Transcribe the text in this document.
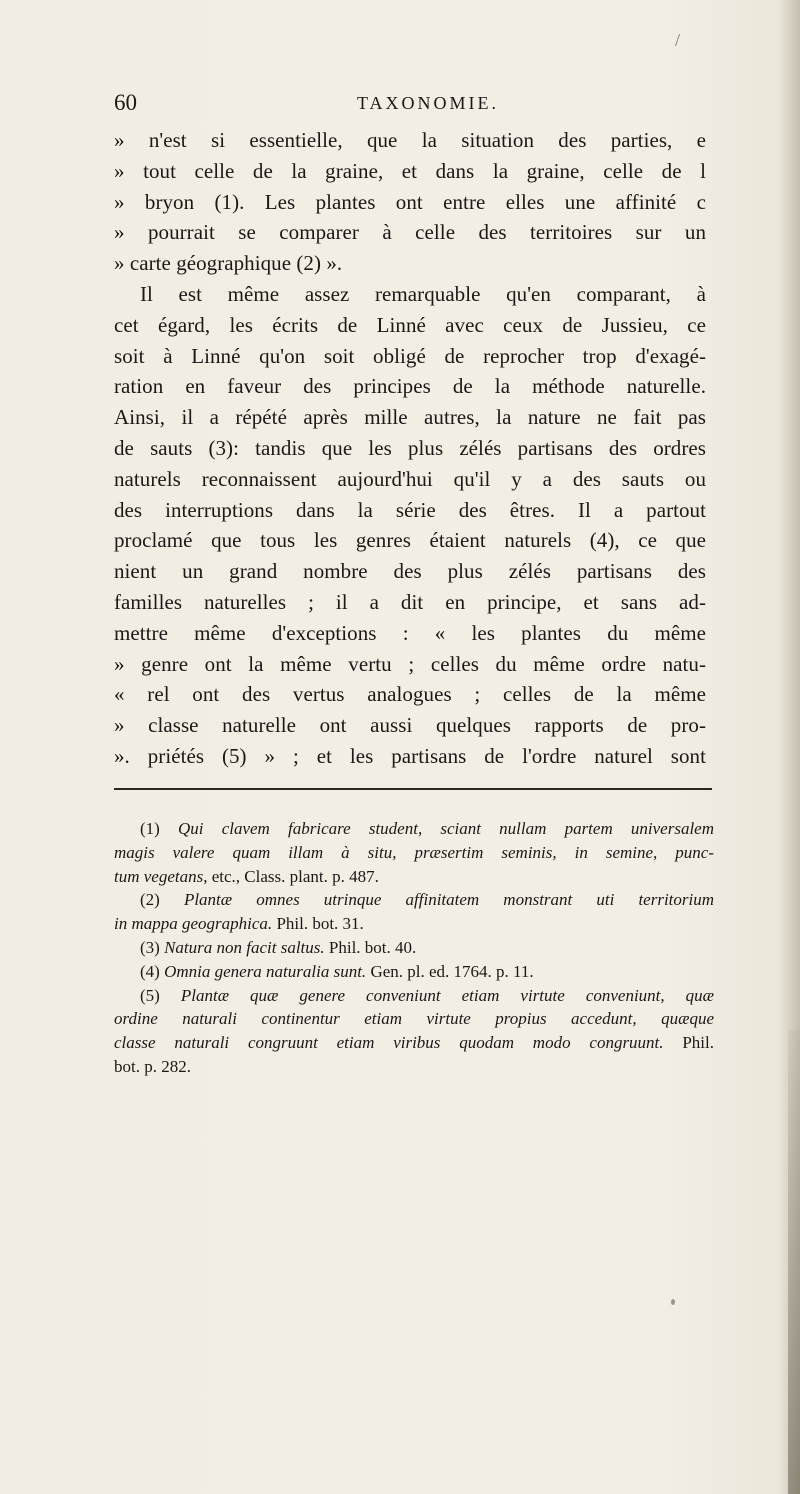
/
60	TAXONOMIE.
» n'est si essentielle, que la situation des parties, e
» tout celle de la graine, et dans la graine, celle de l
» bryon (1). Les plantes ont entre elles une affinité c
» pourrait se comparer à celle des territoires sur un
» carte géographique (2) ».
Il est même assez remarquable qu'en comparant, à
cet égard, les écrits de Linné avec ceux de Jussieu, ce
soit à Linné qu'on soit obligé de reprocher trop d'exagé-
ration en faveur des principes de la méthode naturelle.
Ainsi, il a répété après mille autres, la nature ne fait pas
de sauts (3): tandis que les plus zélés partisans des ordres
naturels reconnaissent aujourd'hui qu'il y a des sauts ou
des interruptions dans la série des êtres. Il a partout
proclamé que tous les genres étaient naturels (4), ce que
nient un grand nombre des plus zélés partisans des
familles naturelles ; il a dit en principe, et sans ad-
mettre même d'exceptions : « les plantes du même
» genre ont la même vertu ; celles du même ordre natu-
« rel ont des vertus analogues ; celles de la même
» classe naturelle ont aussi quelques rapports de pro-
». priétés (5) » ; et les partisans de l'ordre naturel sont
(1) Qui clavem fabricare student, sciant nullam partem universalem
magis valere quam illam à situ, præsertim seminis, in semine, punc-
tum vegetans, etc., Class. plant. p. 487.
(2) Plantæ omnes utrinque affinitatem monstrant uti territorium
in mappa geographica. Phil. bot. 31.
(3) Natura non facit saltus. Phil. bot. 40.
(4) Omnia genera naturalia sunt. Gen. pl. ed. 1764. p. 11.
(5) Plantæ quæ genere conveniunt etiam virtute conveniunt, quæ
ordine naturali continentur etiam virtute propius accedunt, quæque
classe naturali congruunt etiam viribus quodam modo congruunt. Phil.
bot. p. 282.
